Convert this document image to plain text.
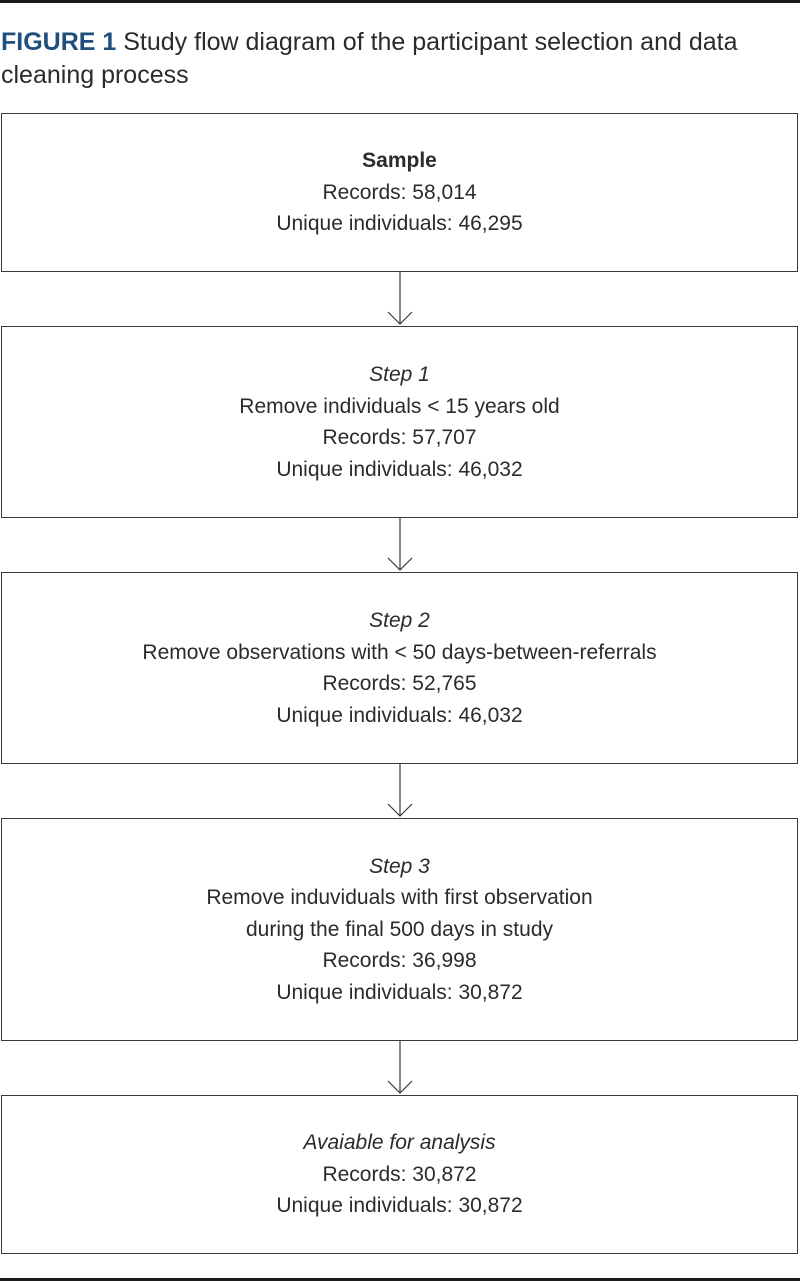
FIGURE 1 Study flow diagram of the participant selection and data cleaning process

Sample
Records: 58,014
Unique individuals: 46,295
Step 1
Remove individuals < 15 years old
Records: 57,707
Unique individuals: 46,032
Step 2
Remove observations with < 50 days-between-referrals
Records: 52,765
Unique individuals: 46,032
Step 3
Remove induviduals with first observation
during the final 500 days in study
Records: 36,998
Unique individuals: 30,872
Avaiable for analysis
Records: 30,872
Unique individuals: 30,872
